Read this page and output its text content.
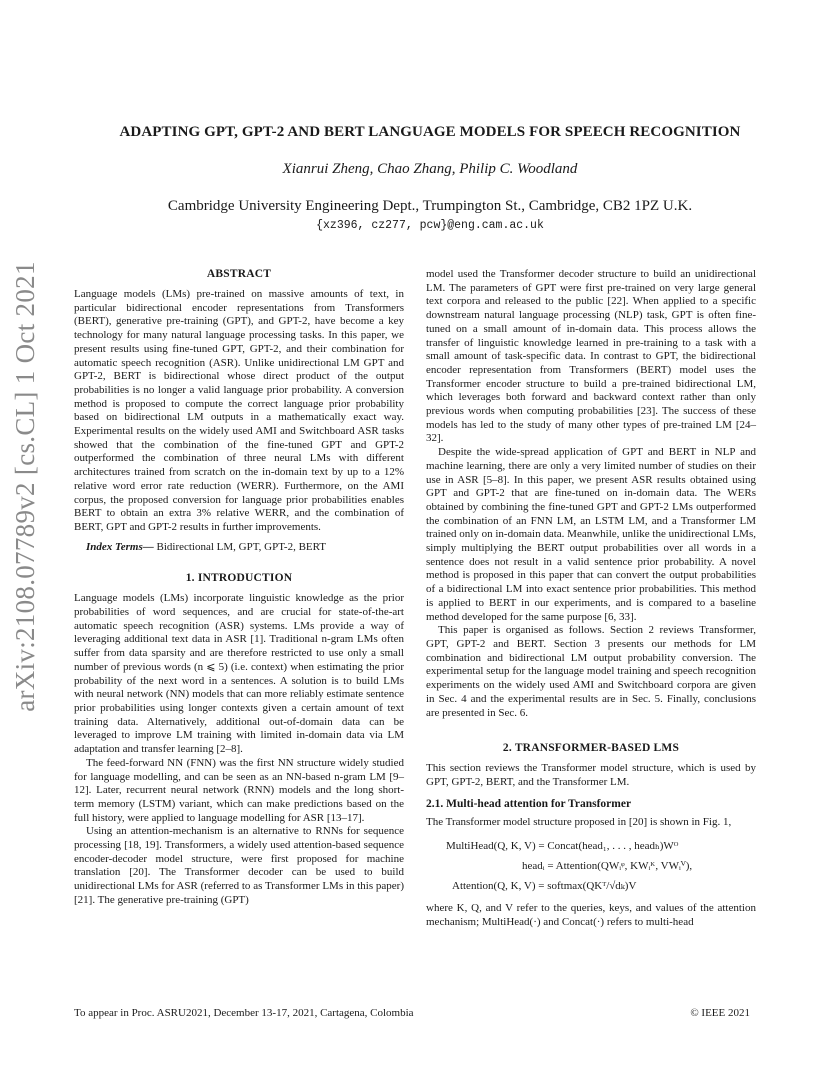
arXiv:2108.07789v2 [cs.CL] 1 Oct 2021
ADAPTING GPT, GPT-2 AND BERT LANGUAGE MODELS FOR SPEECH RECOGNITION
Xianrui Zheng, Chao Zhang, Philip C. Woodland
Cambridge University Engineering Dept., Trumpington St., Cambridge, CB2 1PZ U.K.
{xz396, cz277, pcw}@eng.cam.ac.uk
ABSTRACT

Language models (LMs) pre-trained on massive amounts of text, in particular bidirectional encoder representations from Transformers (BERT), generative pre-training (GPT), and GPT-2, have become a key technology for many natural language processing tasks. In this paper, we present results using fine-tuned GPT, GPT-2, and their combination for automatic speech recognition (ASR). Unlike unidirectional LM GPT and GPT-2, BERT is bidirectional whose direct product of the output probabilities is no longer a valid language prior probability. A conversion method is proposed to compute the correct language prior probability based on bidirectional LM outputs in a mathematically exact way. Experimental results on the widely used AMI and Switchboard ASR tasks showed that the combination of the fine-tuned GPT and GPT-2 outperformed the combination of three neural LMs with different architectures trained from scratch on the in-domain text by up to a 12% relative word error rate reduction (WERR). Furthermore, on the AMI corpus, the proposed conversion for language prior probabilities enables BERT to obtain an extra 3% relative WERR, and the combination of BERT, GPT and GPT-2 results in further improvements.

Index Terms— Bidirectional LM, GPT, GPT-2, BERT

1. INTRODUCTION

Language models (LMs) incorporate linguistic knowledge as the prior probabilities of word sequences, and are crucial for state-of-the-art automatic speech recognition (ASR) systems. LMs provide a way of leveraging additional text data in ASR [1]. Traditional n-gram LMs often suffer from data sparsity and are therefore restricted to use only a small number of previous words (n ⩽ 5) (i.e. context) when estimating the prior probability of the next word in a sentences. A solution is to build LMs with neural network (NN) models that can more reliably estimate sentence prior probabilities using longer contexts given a certain amount of text training data. Alternatively, additional out-of-domain data can be leveraged to improve LM training with limited in-domain data via LM adaptation and transfer learning [2–8].

The feed-forward NN (FNN) was the first NN structure widely studied for language modelling, and can be seen as an NN-based n-gram LM [9–12]. Later, recurrent neural network (RNN) models and the long short-term memory (LSTM) variant, which can make predictions based on the full history, were applied to language modelling for ASR [13–17].

Using an attention-mechanism is an alternative to RNNs for sequence processing [18, 19]. Transformers, a widely used attention-based sequence encoder-decoder model structure, were first proposed for machine translation [20]. The Transformer decoder can be used to build unidirectional LMs for ASR (referred to as Transformer LMs in this paper) [21]. The generative pre-training (GPT)

model used the Transformer decoder structure to build an unidirectional LM. The parameters of GPT were first pre-trained on very large general text corpora and released to the public [22]. When applied to a specific downstream natural language processing (NLP) task, GPT is often fine-tuned on a small amount of in-domain data. This process allows the transfer of linguistic knowledge learned in pre-training to a task with a small amount of task-specific data. In contrast to GPT, the bidirectional encoder representation from Transformers (BERT) model uses the Transformer encoder structure to build a pre-trained bidirectional LM, which leverages both forward and backward context rather than only previous words when computing probabilities [23]. The success of these models has led to the study of many other types of pre-trained LM [24–32].

Despite the wide-spread application of GPT and BERT in NLP and machine learning, there are only a very limited number of studies on their use in ASR [5–8]. In this paper, we present ASR results obtained using GPT and GPT-2 that are fine-tuned on in-domain data. The WERs obtained by combining the fine-tuned GPT and GPT-2 LMs outperformed the combination of an FNN LM, an LSTM LM, and a Transformer LM trained only on in-domain data. Meanwhile, unlike the unidirectional LMs, simply multiplying the BERT output probabilities over all words in a sentence does not result in a valid sentence prior probability. A novel method is proposed in this paper that can convert the output probabilities of a bidirectional LM into exact sentence prior probabilities. This method is applied to BERT in our experiments, and is compared to a baseline method developed for the same purpose [6, 33].

This paper is organised as follows. Section 2 reviews Transformer, GPT, GPT-2 and BERT. Section 3 presents our methods for LM combination and bidirectional LM output probability conversion. The experimental setup for the language model training and speech recognition experiments on the widely used AMI and Switchboard corpora are given in Sec. 4 and the experimental results are in Sec. 5. Finally, conclusions are presented in Sec. 6.

2. TRANSFORMER-BASED LMS

This section reviews the Transformer model structure, which is used by GPT, GPT-2, BERT, and the Transformer LM.

2.1. Multi-head attention for Transformer

The Transformer model structure proposed in [20] is shown in Fig. 1,

MultiHead(Q, K, V) = Concat(head₁, . . . , headₕ)Wᴼ
headᵢ = Attention(QWᵢᵠ, KWᵢᴷ, VWᵢⱽ),
Attention(Q, K, V) = softmax(QKᵀ/√dₖ)V

where K, Q, and V refer to the queries, keys, and values of the attention mechanism; MultiHead(·) and Concat(·) refers to multi-head

To appear in Proc. ASRU2021, December 13-17, 2021, Cartagena, Colombia	© IEEE 2021
